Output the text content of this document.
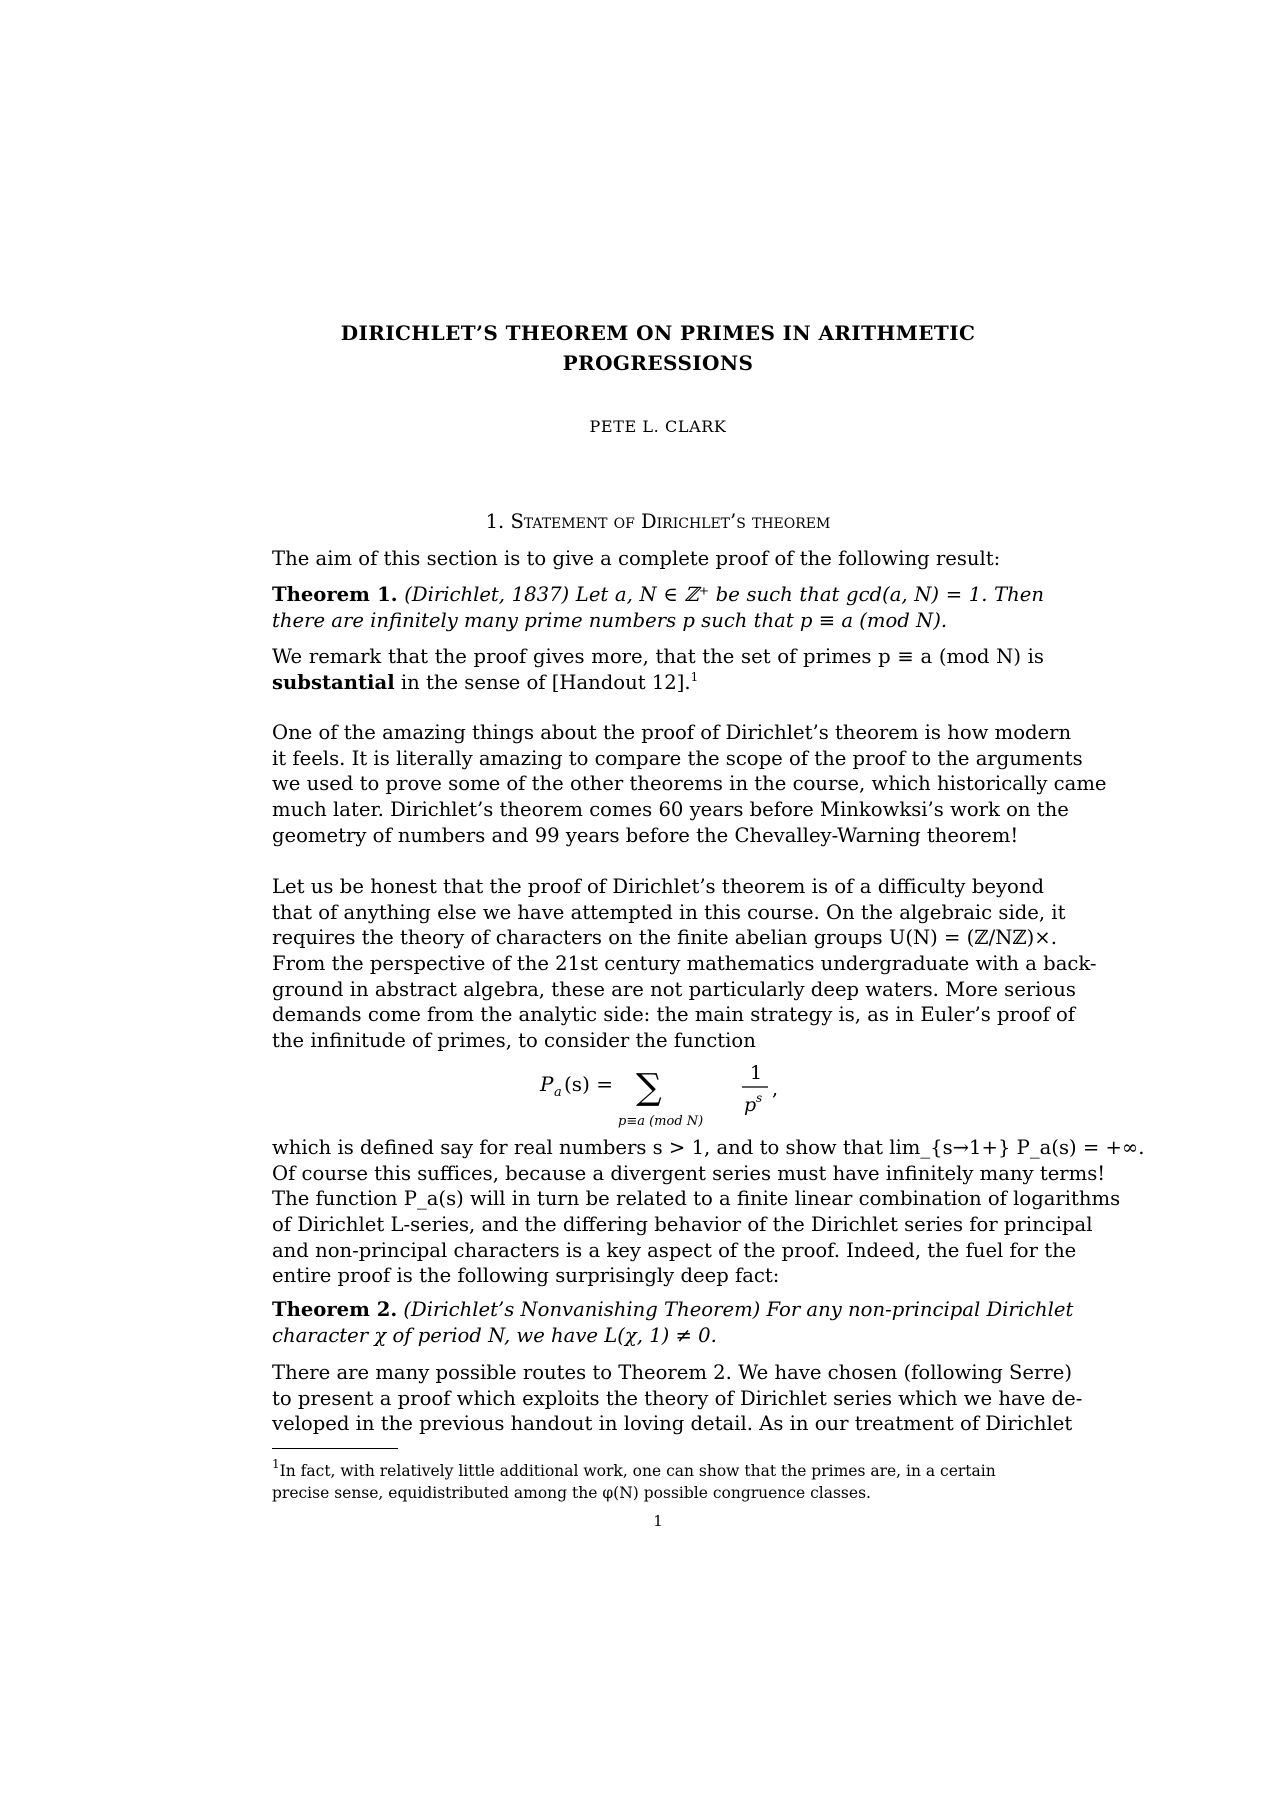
DIRICHLET’S THEOREM ON PRIMES IN ARITHMETIC
PROGRESSIONS
PETE L. CLARK
1. Statement of Dirichlet’s theorem
The aim of this section is to give a complete proof of the following result:
Theorem 1. (Dirichlet, 1837) Let a, N ∈ ℤ⁺ be such that gcd(a, N) = 1. Then
there are infinitely many prime numbers p such that p ≡ a (mod N).
We remark that the proof gives more, that the set of primes p ≡ a (mod N) is
substantial in the sense of [Handout 12].$^1$
One of the amazing things about the proof of Dirichlet’s theorem is how modern
it feels. It is literally amazing to compare the scope of the proof to the arguments
we used to prove some of the other theorems in the course, which historically came
much later. Dirichlet’s theorem comes 60 years before Minkowksi’s work on the
geometry of numbers and 99 years before the Chevalley-Warning theorem!
Let us be honest that the proof of Dirichlet’s theorem is of a difficulty beyond
that of anything else we have attempted in this course. On the algebraic side, it
requires the theory of characters on the finite abelian groups U(N) = (ℤ/Nℤ)×.
From the perspective of the 21st century mathematics undergraduate with a back-
ground in abstract algebra, these are not particularly deep waters. More serious
demands come from the analytic side: the main strategy is, as in Euler’s proof of
the infinitude of primes, to consider the function
P a (s) = ∑
p≡a (mod N)
1
p s ,
which is defined say for real numbers s > 1, and to show that lim_{s→1+} P_a(s) = +∞.
Of course this suffices, because a divergent series must have infinitely many terms!
The function P_a(s) will in turn be related to a finite linear combination of logarithms
of Dirichlet L-series, and the differing behavior of the Dirichlet series for principal
and non-principal characters is a key aspect of the proof. Indeed, the fuel for the
entire proof is the following surprisingly deep fact:
Theorem 2. (Dirichlet’s Nonvanishing Theorem) For any non-principal Dirichlet
character χ of period N, we have L(χ, 1) ≠ 0.
There are many possible routes to Theorem 2. We have chosen (following Serre)
to present a proof which exploits the theory of Dirichlet series which we have de-
veloped in the previous handout in loving detail. As in our treatment of Dirichlet
$^1$In fact, with relatively little additional work, one can show that the primes are, in a certain
precise sense, equidistributed among the φ(N) possible congruence classes.
1
